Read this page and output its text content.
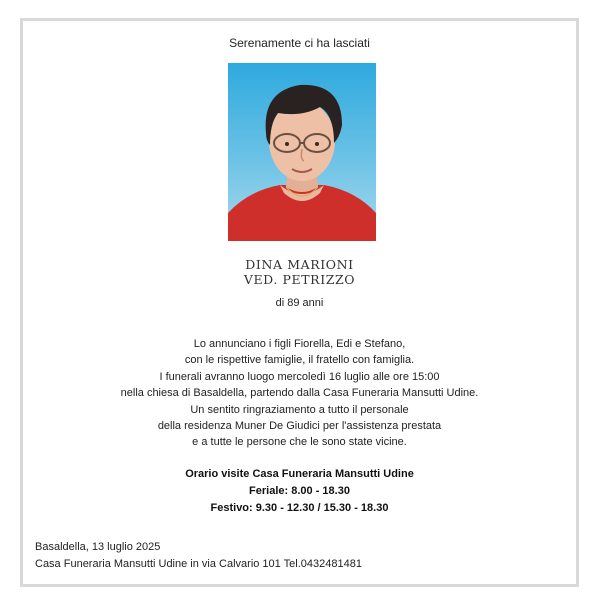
Serenamente ci ha lasciati
DINA MARIONI
VED. PETRIZZO
di 89 anni
Lo annunciano i figli Fiorella, Edi e Stefano,
con le rispettive famiglie, il fratello con famiglia.
I funerali avranno luogo mercoledì 16 luglio alle ore 15:00
nella chiesa di Basaldella, partendo dalla Casa Funeraria Mansutti Udine.
Un sentito ringraziamento a tutto il personale
della residenza Muner De Giudici per l'assistenza prestata
e a tutte le persone che le sono state vicine.
Orario visite Casa Funeraria Mansutti Udine
Feriale: 8.00 - 18.30
Festivo: 9.30 - 12.30 / 15.30 - 18.30
Basaldella, 13 luglio 2025
Casa Funeraria Mansutti Udine in via Calvario 101 Tel.0432481481
